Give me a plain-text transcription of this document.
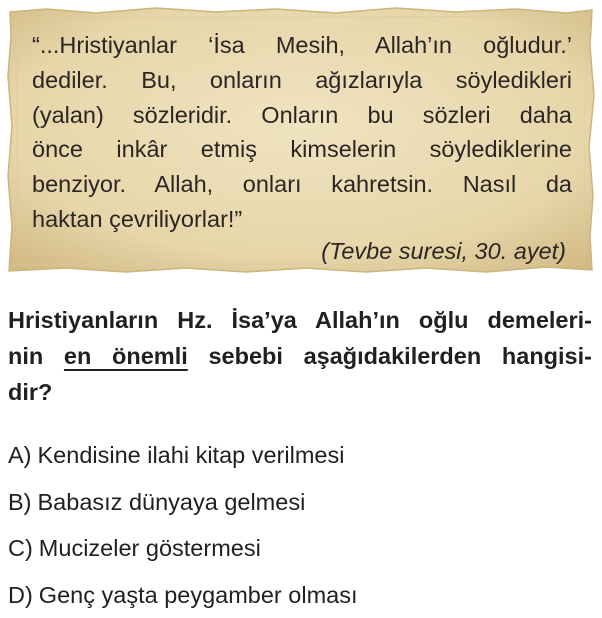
“...Hristiyanlar ‘İsa Mesih, Allah’ın oğludur.’
dediler. Bu, onların ağızlarıyla söyledikleri
(yalan) sözleridir. Onların bu sözleri daha
önce inkâr etmiş kimselerin söylediklerine
benziyor. Allah, onları kahretsin. Nasıl da
haktan çevriliyorlar!”
(Tevbe suresi, 30. ayet)
Hristiyanların Hz. İsa’ya Allah’ın oğlu demeleri-
nin en önemli sebebi aşağıdakilerden hangisi-
dir?
A) Kendisine ilahi kitap verilmesi
B) Babasız dünyaya gelmesi
C) Mucizeler göstermesi
D) Genç yaşta peygamber olması
